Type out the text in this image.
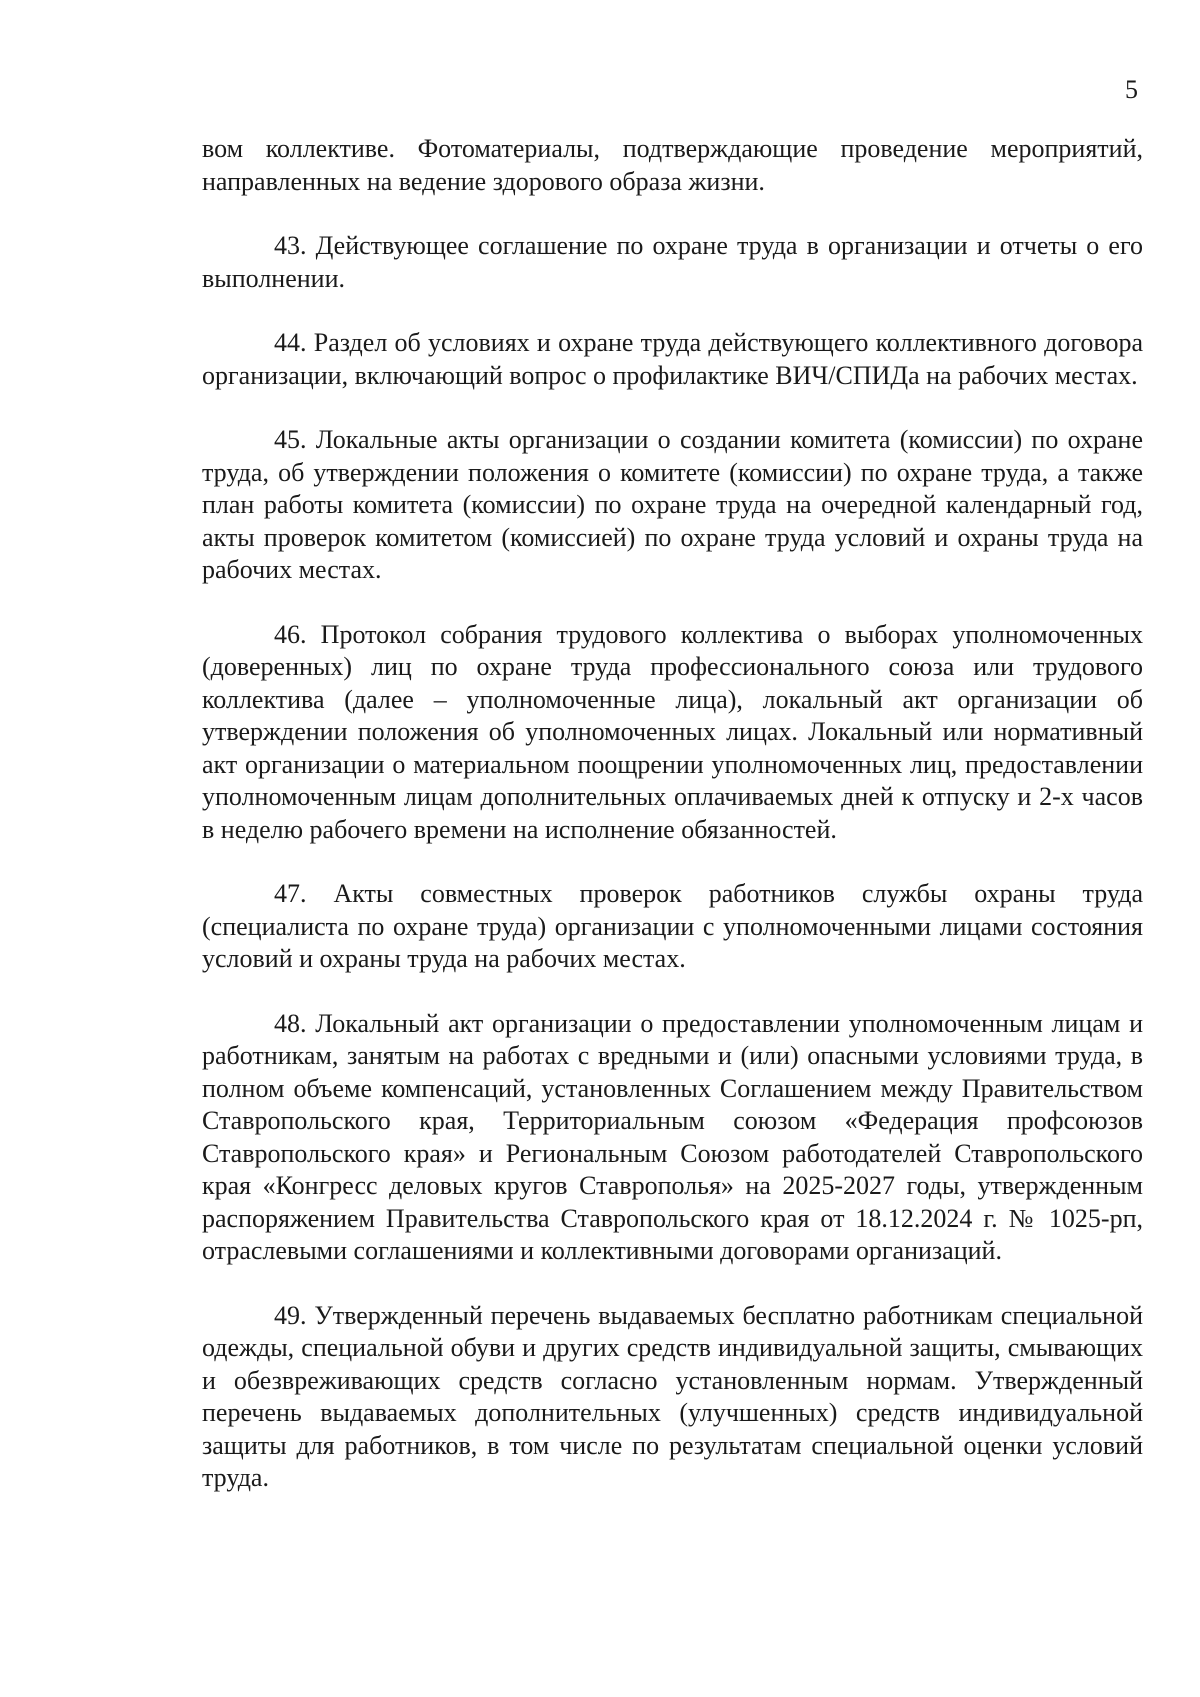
5

вом коллективе. Фотоматериалы, подтверждающие проведение мероприятий, направленных на ведение здорового образа жизни.

43. Действующее соглашение по охране труда в организации и отчеты о его выполнении.

44. Раздел об условиях и охране труда действующего коллективного договора организации, включающий вопрос о профилактике ВИЧ/СПИДа на рабочих местах.

45. Локальные акты организации о создании комитета (комиссии) по охране труда, об утверждении положения о комитете (комиссии) по охране труда, а также план работы комитета (комиссии) по охране труда на очередной календарный год, акты проверок комитетом (комиссией) по охране труда условий и охраны труда на рабочих местах.

46. Протокол собрания трудового коллектива о выборах уполномоченных (доверенных) лиц по охране труда профессионального союза или трудового коллектива (далее – уполномоченные лица), локальный акт организации об утверждении положения об уполномоченных лицах. Локальный или нормативный акт организации о материальном поощрении уполномоченных лиц, предоставлении уполномоченным лицам дополнительных оплачиваемых дней к отпуску и 2-х часов в неделю рабочего времени на исполнение обязанностей.

47. Акты совместных проверок работников службы охраны труда (специалиста по охране труда) организации с уполномоченными лицами состояния условий и охраны труда на рабочих местах.

48. Локальный акт организации о предоставлении уполномоченным лицам и работникам, занятым на работах с вредными и (или) опасными условиями труда, в полном объеме компенсаций, установленных Соглашением между Правительством Ставропольского края, Территориальным союзом «Федерация профсоюзов Ставропольского края» и Региональным Союзом работодателей Ставропольского края «Конгресс деловых кругов Ставрополья» на 2025-2027 годы, утвержденным распоряжением Правительства Ставропольского края от 18.12.2024 г. № 1025-рп, отраслевыми соглашениями и коллективными договорами организаций.

49. Утвержденный перечень выдаваемых бесплатно работникам специальной одежды, специальной обуви и других средств индивидуальной защиты, смывающих и обезвреживающих средств согласно установленным нормам. Утвержденный перечень выдаваемых дополнительных (улучшенных) средств индивидуальной защиты для работников, в том числе по результатам специальной оценки условий труда.
